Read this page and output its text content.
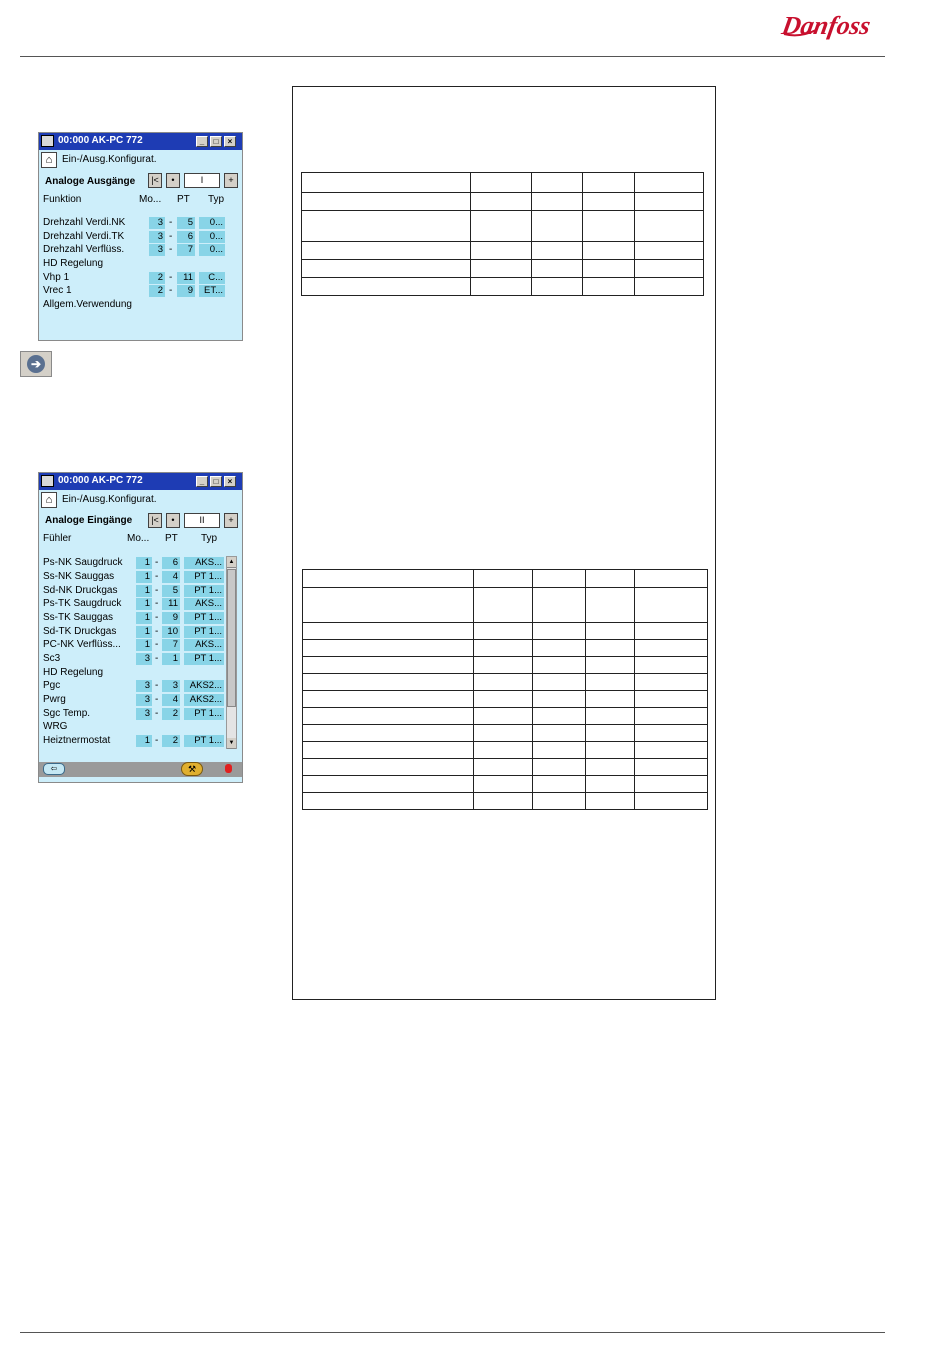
Danfoss
00:000 AK-PC 772	_	□	×
⌂ Ein-/Ausg.Konfigurat.
Analoge Ausgänge	|<	•	I	+
Funktion	Mo... PT Typ
Drehzahl Verdi.NK	3 -	5	0...
Drehzahl Verdi.TK	3 -	6	0...
Drehzahl Verflüss.	3 -	7	0...
HD Regelung
Vhp 1	2 -	11	C...
Vrec 1	2 -	9	ET...
Allgem.Verwendung
➔
00:000 AK-PC 772	_	□	×
⌂ Ein-/Ausg.Konfigurat.
Analoge Eingänge	|<	•	II	+
Fühler	Mo... PT Typ
Ps-NK Saugdruck	1 -	6	AKS...
Ss-NK Sauggas	1 -	4	PT 1...
Sd-NK Druckgas	1 -	5	PT 1...
Ps-TK Saugdruck	1 -	11	AKS...
Ss-TK Sauggas	1 -	9	PT 1...
Sd-TK Druckgas	1 - 10	PT 1...
PC-NK Verflüss...	1 -	7	AKS...
Sc3	3 -	1	PT 1...
HD Regelung
Pgc	3 -	3	AKS2...
Pwrg	3 -	4	AKS2...
Sgc Temp.	3 -	2	PT 1...
WRG
Heiztnermostat	1 -	2	PT 1...
▲
▼
⇦	⚒
